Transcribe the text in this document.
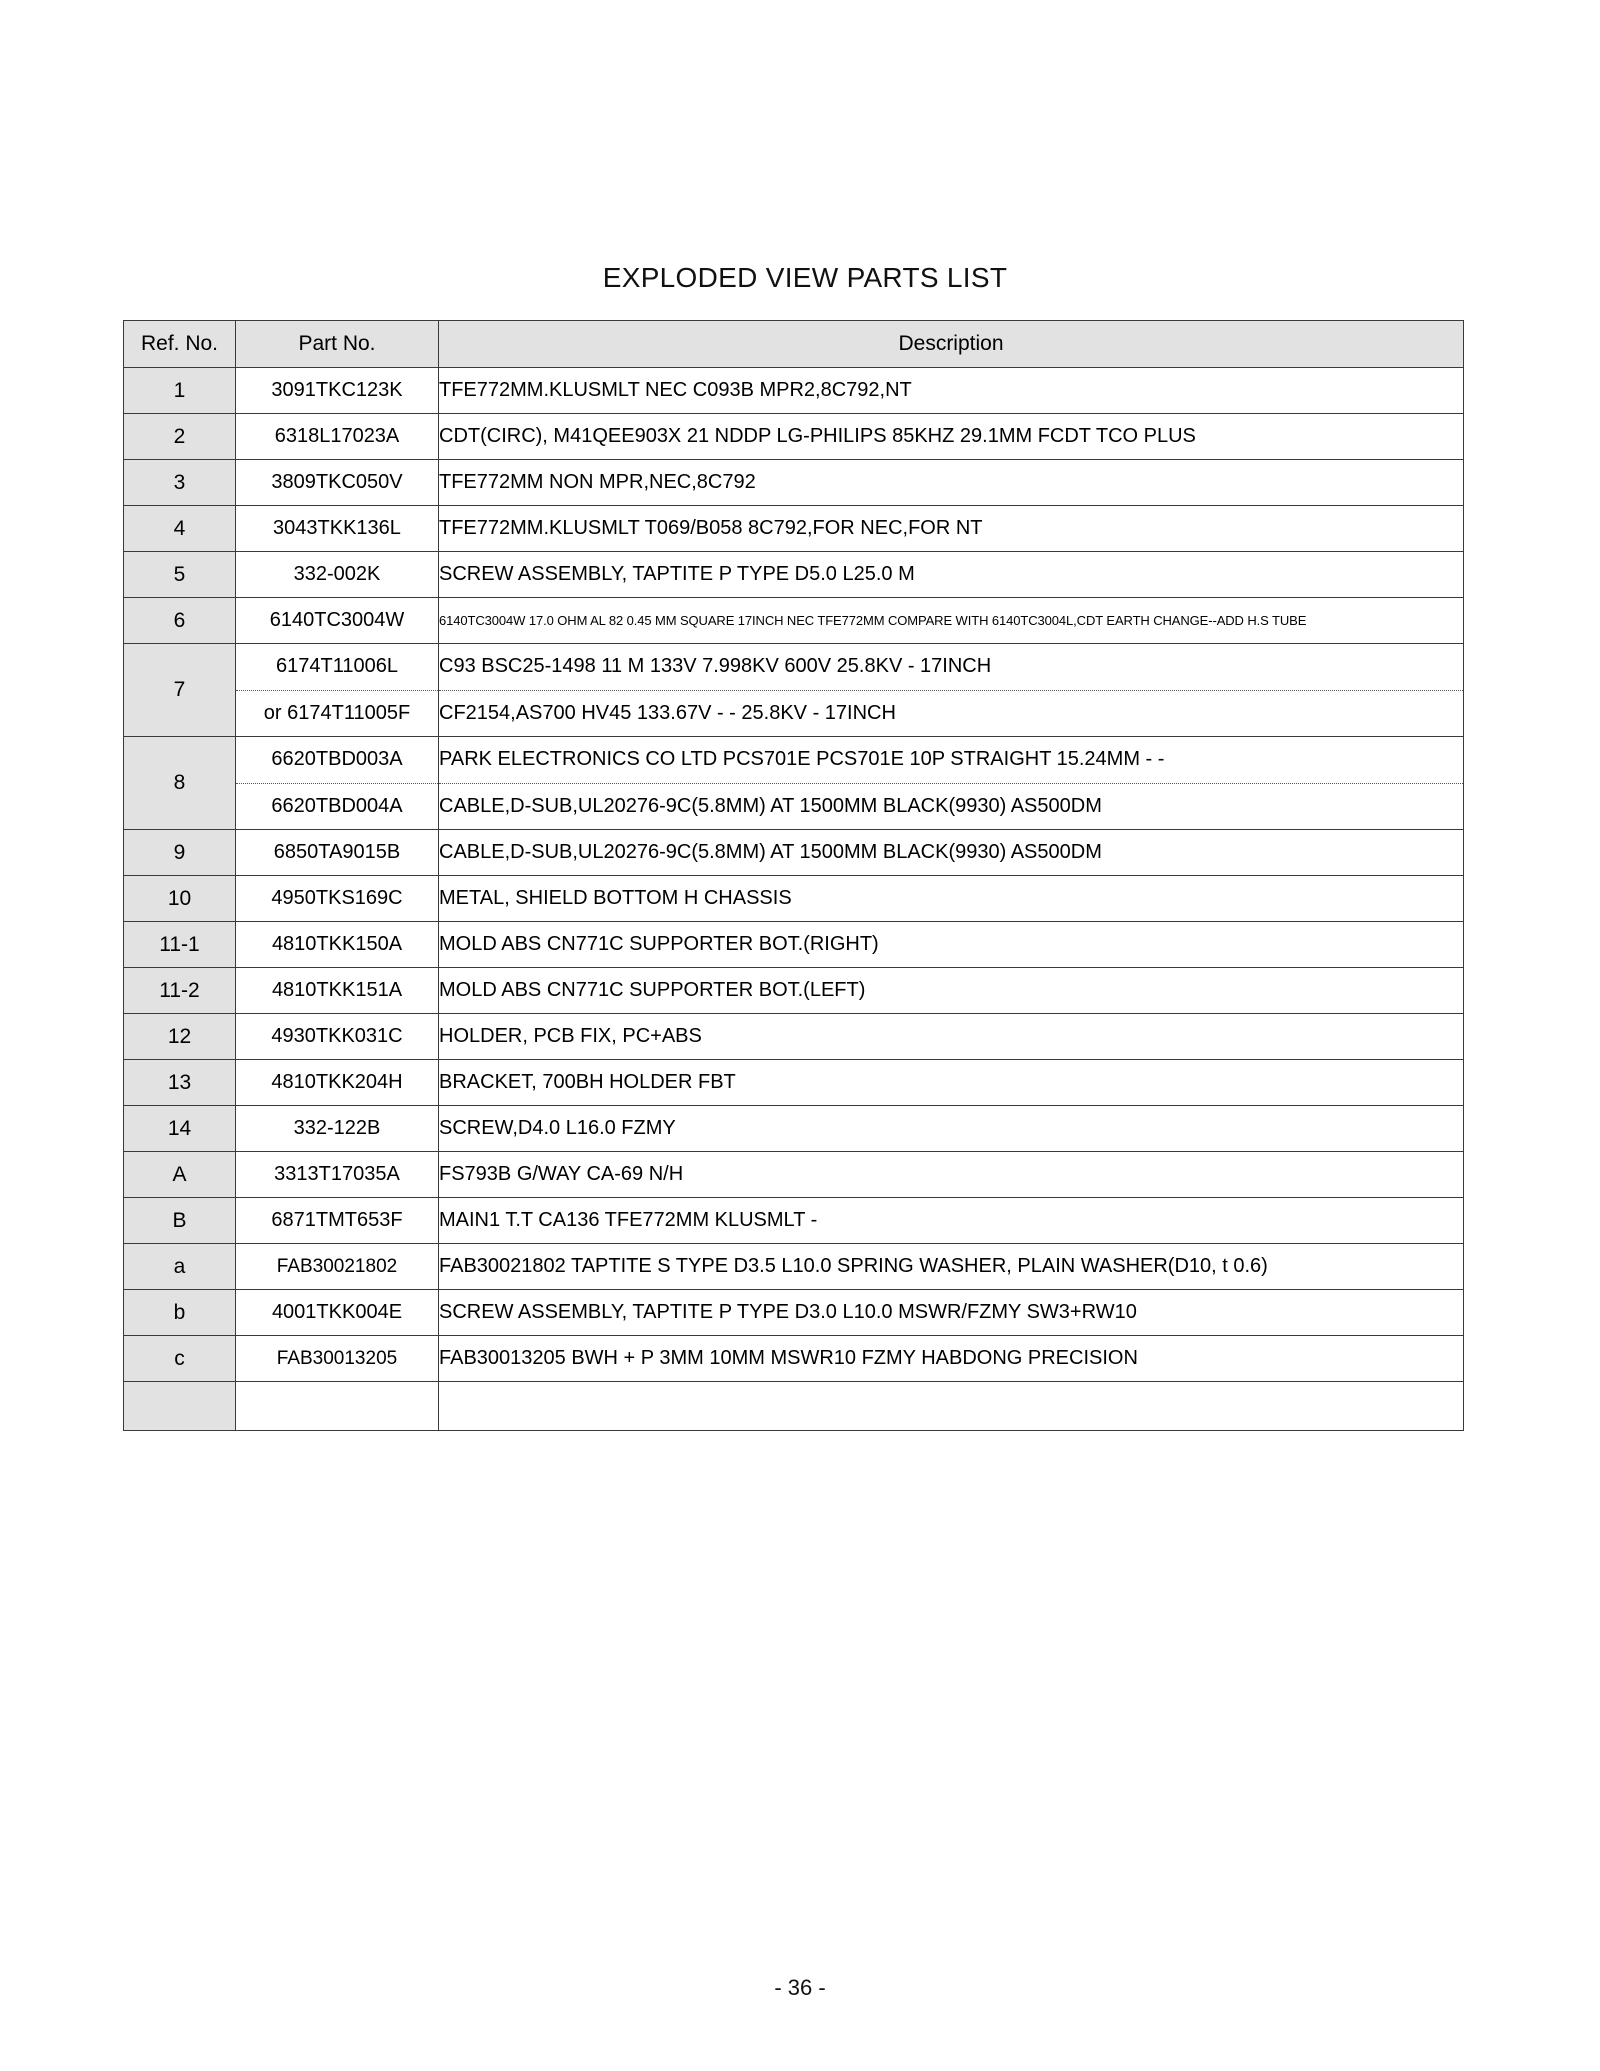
EXPLODED VIEW PARTS LIST
Ref. No.	Part No.	Description
1	3091TKC123K	TFE772MM.KLUSMLT NEC C093B MPR2,8C792,NT
2	6318L17023A	CDT(CIRC), M41QEE903X 21 NDDP LG-PHILIPS 85KHZ 29.1MM FCDT TCO PLUS
3	3809TKC050V	TFE772MM NON MPR,NEC,8C792
4	3043TKK136L	TFE772MM.KLUSMLT T069/B058 8C792,FOR NEC,FOR NT
5	332-002K	SCREW ASSEMBLY, TAPTITE P TYPE D5.0 L25.0 M
6	6140TC3004W	6140TC3004W 17.0 OHM AL 82 0.45 MM SQUARE 17INCH NEC TFE772MM COMPARE WITH 6140TC3004L,CDT EARTH CHANGE--ADD H.S TUBE
7	6174T11006L	C93 BSC25-1498 11 M 133V 7.998KV 600V 25.8KV - 17INCH
	or 6174T11005F	CF2154,AS700 HV45 133.67V - - 25.8KV - 17INCH
8	6620TBD003A	PARK ELECTRONICS CO LTD PCS701E PCS701E 10P STRAIGHT 15.24MM - -
	6620TBD004A	CABLE,D-SUB,UL20276-9C(5.8MM) AT 1500MM BLACK(9930) AS500DM
9	6850TA9015B	CABLE,D-SUB,UL20276-9C(5.8MM) AT 1500MM BLACK(9930) AS500DM
10	4950TKS169C	METAL, SHIELD BOTTOM H CHASSIS
11-1	4810TKK150A	MOLD ABS CN771C SUPPORTER BOT.(RIGHT)
11-2	4810TKK151A	MOLD ABS CN771C SUPPORTER BOT.(LEFT)
12	4930TKK031C	HOLDER, PCB FIX, PC+ABS
13	4810TKK204H	BRACKET, 700BH HOLDER FBT
14	332-122B	SCREW,D4.0 L16.0 FZMY
A	3313T17035A	FS793B G/WAY CA-69 N/H
B	6871TMT653F	MAIN1 T.T CA136 TFE772MM KLUSMLT -
a	FAB30021802	FAB30021802 TAPTITE S TYPE D3.5 L10.0 SPRING WASHER, PLAIN WASHER(D10, t 0.6)
b	4001TKK004E	SCREW ASSEMBLY, TAPTITE P TYPE D3.0 L10.0 MSWR/FZMY SW3+RW10
c	FAB30013205	FAB30013205 BWH + P 3MM 10MM MSWR10 FZMY HABDONG PRECISION

- 36 -
